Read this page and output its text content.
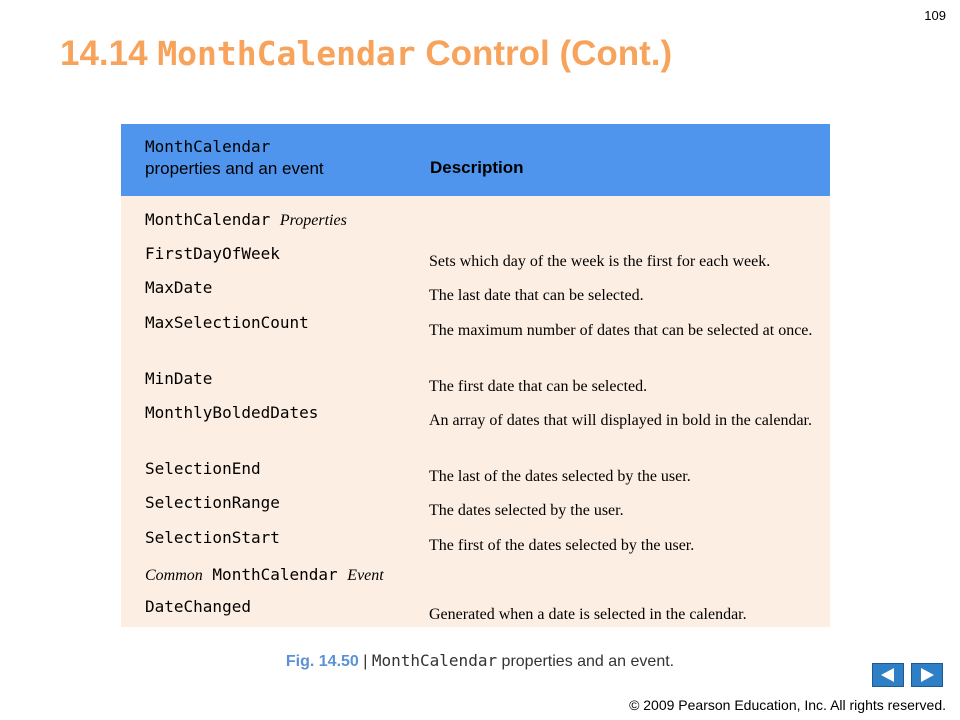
109
14.14 MonthCalendar Control (Cont.)
MonthCalendar
properties and an event	Description
MonthCalendar Properties
FirstDayOfWeek	Sets which day of the week is the first for each week.
MaxDate	The last date that can be selected.
MaxSelectionCount	The maximum number of dates that can be selected at once.
MinDate	The first date that can be selected.
MonthlyBoldedDates	An array of dates that will displayed in bold in the calendar.
SelectionEnd	The last of the dates selected by the user.
SelectionRange	The dates selected by the user.
SelectionStart	The first of the dates selected by the user.
Common MonthCalendar Event
DateChanged	Generated when a date is selected in the calendar.
Fig. 14.50 | MonthCalendar properties and an event.
© 2009 Pearson Education, Inc. All rights reserved.
